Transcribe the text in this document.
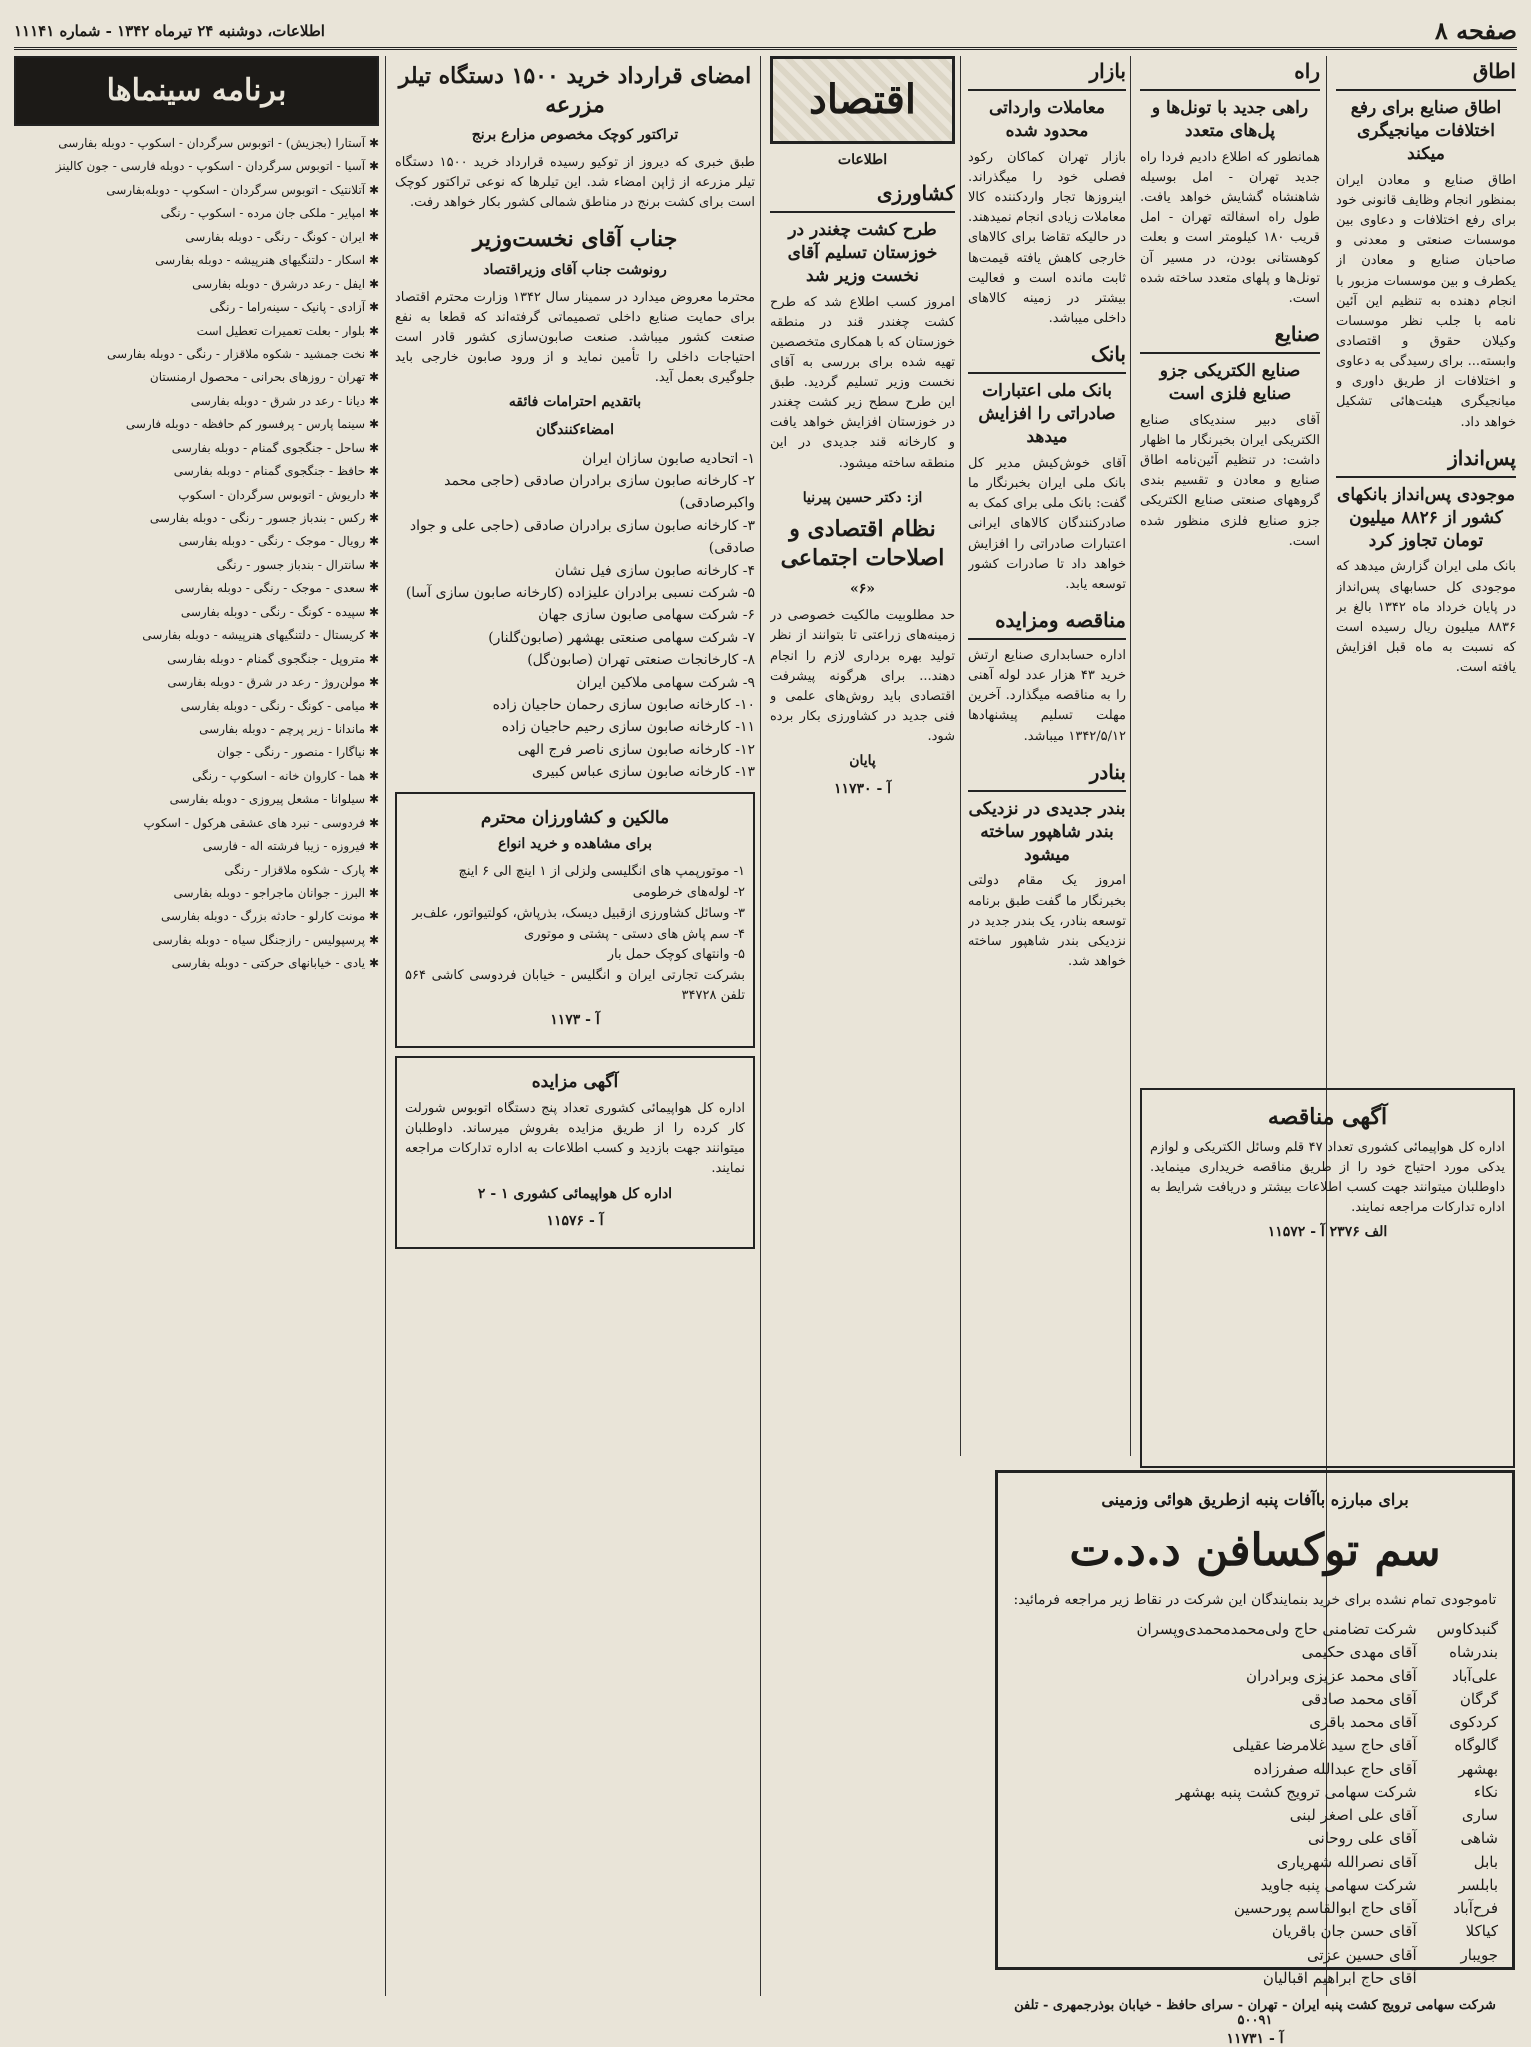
صفحه ۸
اطلاعات، دوشنبه ۲۴ تیرماه ۱۳۴۲ - شماره ۱۱۱۴۱
اطاق
اطاق صنایع برای رفع اختلافات میانجیگری میکند

اطاق صنایع و معادن ایران بمنظور انجام وظایف قانونی خود برای رفع اختلافات و دعاوی بین موسسات صنعتی و معدنی و صاحبان صنایع و معادن از یکطرف و بین موسسات مزبور با انجام دهنده به تنظیم این آئین نامه با جلب نظر موسسات وکیلان حقوق و اقتصادی وابسته... برای رسیدگی به دعاوی و اختلافات از طریق داوری و میانجیگری هیئت‌هائی تشکیل خواهد داد.

پس‌انداز
موجودی پس‌انداز بانکهای کشور از ۸۸۲۶ میلیون تومان تجاوز کرد

بانک ملی ایران گزارش میدهد که موجودی کل حسابهای پس‌انداز در پایان خرداد ماه ۱۳۴۲ بالغ بر ۸۸۳۶ میلیون ریال رسیده است که نسبت به ماه قبل افزایش یافته است.

راه
راهی جدید با تونل‌ها و پل‌های متعدد

همانطور که اطلاع دادیم فردا راه جدید تهران - امل بوسیله شاهنشاه گشایش خواهد یافت. طول راه اسفالته تهران - امل قریب ۱۸۰ کیلومتر است و بعلت کوهستانی بودن، در مسیر آن تونل‌ها و پلهای متعدد ساخته شده است.

صنایع
صنایع الکتریکی جزو صنایع فلزی است

آقای دبیر سندیکای صنایع الکتریکی ایران بخبرنگار ما اظهار داشت: در تنظیم آئین‌نامه اطاق صنایع و معادن و تقسیم بندی گروههای صنعتی صنایع الکتریکی جزو صنایع فلزی منظور شده است.

آگهی مناقصه

اداره کل هواپیمائی کشوری تعداد ۴۷ قلم وسائل الکتریکی و لوازم یدکی مورد احتیاج خود را از طریق مناقصه خریداری مینماید. داوطلبان میتوانند جهت کسب اطلاعات بیشتر و دریافت شرایط به اداره تدارکات مراجعه نمایند.

الف ۲۳۷۶ آ - ۱۱۵۷۲
بازار
معاملات وارداتی محدود شده

بازار تهران کماکان رکود فصلی خود را میگذراند. اینروزها تجار واردکننده کالا معاملات زیادی انجام نمیدهند. در حالیکه تقاضا برای کالاهای خارجی کاهش یافته قیمت‌ها ثابت مانده است و فعالیت بیشتر در زمینه کالاهای داخلی میباشد.

بانک
بانک ملی اعتبارات صادراتی را افزایش میدهد

آقای خوش‌کیش مدیر کل بانک ملی ایران بخبرنگار ما گفت: بانک ملی برای کمک به صادرکنندگان کالاهای ایرانی اعتبارات صادراتی را افزایش خواهد داد تا صادرات کشور توسعه یابد.

مناقصه ومزایده

اداره حسابداری صنایع ارتش خرید ۴۳ هزار عدد لوله آهنی را به مناقصه میگذارد. آخرین مهلت تسلیم پیشنهادها ۱۳۴۲/۵/۱۲ میباشد.

بنادر
بندر جدیدی در نزدیکی بندر شاهپور ساخته میشود

امروز یک مقام دولتی بخبرنگار ما گفت طبق برنامه توسعه بنادر، یک بندر جدید در نزدیکی بندر شاهپور ساخته خواهد شد.

اقتصاد
اطلاعات
کشاورزی
طرح کشت چغندر در خوزستان تسلیم آقای نخست وزیر شد

امروز کسب اطلاع شد که طرح کشت چغندر قند در منطقه خوزستان که با همکاری متخصصین تهیه شده برای بررسی به آقای نخست وزیر تسلیم گردید. طبق این طرح سطح زیر کشت چغندر در خوزستان افزایش خواهد یافت و کارخانه قند جدیدی در این منطقه ساخته میشود.

از: دکتر حسین پیرنیا
نظام اقتصادی و اصلاحات اجتماعی
«۶»

حد مطلوبیت مالکیت خصوصی در زمینه‌های زراعتی تا بتوانند از نظر تولید بهره برداری لازم را انجام دهند... برای هرگونه پیشرفت اقتصادی باید روش‌های علمی و فنی جدید در کشاورزی بکار برده شود.

پایان
آ - ۱۱۷۳۰
امضای قرارداد خرید ۱۵۰۰ دستگاه تیلر مزرعه
تراکتور کوچک مخصوص مزارع برنج

طبق خبری که دیروز از توکیو رسیده قرارداد خرید ۱۵۰۰ دستگاه تیلر مزرعه از ژاپن امضاء شد. این تیلرها که نوعی تراکتور کوچک است برای کشت برنج در مناطق شمالی کشور بکار خواهد رفت.

جناب آقای نخست‌وزیر
رونوشت جناب آقای وزیراقتصاد

محترما معروض میدارد در سمینار سال ۱۳۴۲ وزارت محترم اقتصاد برای حمایت صنایع داخلی تصمیماتی گرفته‌اند که قطعا به نفع صنعت کشور میباشد. صنعت صابون‌سازی کشور قادر است احتیاجات داخلی را تأمین نماید و از ورود صابون خارجی باید جلوگیری بعمل آید.

باتقدیم احترامات فائقه
امضاءکنندگان
۱- اتحادیه صابون سازان ایران
۲- کارخانه صابون سازی برادران صادقی (حاجی محمد واکبرصادقی)
۳- کارخانه صابون سازی برادران صادقی (حاجی علی و جواد صادقی)
۴- کارخانه صابون سازی فیل نشان
۵- شرکت نسبی برادران علیزاده (کارخانه صابون سازی آسا)
۶- شرکت سهامی صابون سازی جهان
۷- شرکت سهامی صنعتی بهشهر (صابون‌گلنار)
۸- کارخانجات صنعتی تهران (صابون‌گل)
۹- شرکت سهامی ملاکین ایران
۱۰- کارخانه صابون سازی رحمان حاجیان زاده
۱۱- کارخانه صابون سازی رحیم حاجیان زاده
۱۲- کارخانه صابون سازی ناصر فرج الهی
۱۳- کارخانه صابون سازی عباس کبیری
مالکین و کشاورزان محترم
برای مشاهده و خرید انواع
۱- موتورپمپ های انگلیسی ولزلی از ۱ اینچ الی ۶ اینچ
۲- لوله‌های خرطومی
۳- وسائل کشاورزی ازقبیل دیسک، بذرپاش، کولتیواتور، علف‌بر
۴- سم پاش های دستی - پشتی و موتوری
۵- وانتهای کوچک حمل بار

بشرکت تجارتی ایران و انگلیس - خیابان فردوسی کاشی ۵۶۴ تلفن ۳۴۷۲۸

آ - ۱۱۷۳
آگهی مزایده

اداره کل هواپیمائی کشوری تعداد پنج دستگاه اتوبوس شورلت کار کرده را از طریق مزایده بفروش میرساند. داوطلبان میتوانند جهت بازدید و کسب اطلاعات به اداره تدارکات مراجعه نمایند.

اداره کل هواپیمائی کشوری ۱ - ۲
آ - ۱۱۵۷۶
برنامه سینماها
✱ آستارا (بجزیش) - اتوبوس سرگردان - اسکوپ - دوبله بفارسی
✱ آسیا - اتوبوس سرگردان - اسکوپ - دوبله فارسی - جون کالینز
✱ آتلانتیک - اتوبوس سرگردان - اسکوپ - دوبله‌بفارسی
✱ امپایر - ملکی جان مرده - اسکوپ - رنگی
✱ ایران - کونگ - رنگی - دوبله بفارسی
✱ اسکار - دلتنگیهای هنرپیشه - دوبله بفارسی
✱ ایفل - رعد درشرق - دوبله بفارسی
✱ آزادی - پانیک - سینه‌راما - رنگی
✱ بلوار - بعلت تعمیرات تعطیل است
✱ نخت جمشید - شکوه ملاقزار - رنگی - دوبله بفارسی
✱ تهران - روزهای بحرانی - محصول ارمنستان
✱ دیانا - رعد در شرق - دوبله بفارسی
✱ سینما پارس - پرفسور کم حافظه - دوبله فارسی
✱ ساحل - جنگجوی گمنام - دوبله بفارسی
✱ حافظ - جنگجوی گمنام - دوبله بفارسی
✱ داریوش - اتوبوس سرگردان - اسکوپ
✱ رکس - بندباز جسور - رنگی - دوبله بفارسی
✱ رویال - موجک - رنگی - دوبله بفارسی
✱ سانترال - بندباز جسور - رنگی
✱ سعدی - موجک - رنگی - دوبله بفارسی
✱ سپیده - کونگ - رنگی - دوبله بفارسی
✱ کریستال - دلتنگیهای هنرپیشه - دوبله بفارسی
✱ متروپل - جنگجوی گمنام - دوبله بفارسی
✱ مولن‌روژ - رعد در شرق - دوبله بفارسی
✱ میامی - کونگ - رنگی - دوبله بفارسی
✱ ماندانا - زیر پرچم - دوبله بفارسی
✱ نیاگارا - منصور - رنگی - جوان
✱ هما - کاروان خانه - اسکوپ - رنگی
✱ سیلوانا - مشعل پیروزی - دوبله بفارسی
✱ فردوسی - نبرد های عشقی هرکول - اسکوپ
✱ فیروزه - زیبا فرشته اله - فارسی
✱ پارک - شکوه ملاقزار - رنگی
✱ البرز - جوانان ماجراجو - دوبله بفارسی
✱ مونت کارلو - حادثه بزرگ - دوبله بفارسی
✱ پرسپولیس - رازجنگل سیاه - دوبله بفارسی
✱ یادی - خیابانهای حرکتی - دوبله بفارسی
برای مبارزه باآفات پنبه ازطریق هوائی وزمینی
سم توکسافن د.د.ت

تاموجودی تمام نشده برای خرید بنمایندگان این شرکت در نقاط زیر مراجعه فرمائید:

گنبدکاوس
بندرشاه
علی‌آباد
گرگان
کردکوی
گالوگاه
بهشهر
نکاء
ساری
شاهی
بابل
بابلسر
فرح‌آباد
کیاکلا
جویبار
شرکت تضامنی حاج ولی‌محمدمحمدی‌وپسران
آقای مهدی حکیمی
آقای محمد عزیزی وبرادران
آقای محمد صادقی
آقای محمد باقری
آقای حاج سید غلامرضا عقیلی
آقای حاج عبدالله صفرزاده
شرکت سهامی ترویج کشت پنبه بهشهر
آقای علی اصغر لبنی
آقای علی روحانی
آقای نصرالله شهریاری
شرکت سهامی پنبه جاوید
آقای حاج ابوالقاسم پورحسین
آقای حسن جان باقریان
آقای حسین عزتی
آقای حاج ابراهیم اقبالیان

شرکت سهامی ترویج کشت پنبه ایران - تهران - سرای حافظ - خیابان بوذرجمهری - تلفن ۵۰۰۹۱

آ - ۱۱۷۳۱
